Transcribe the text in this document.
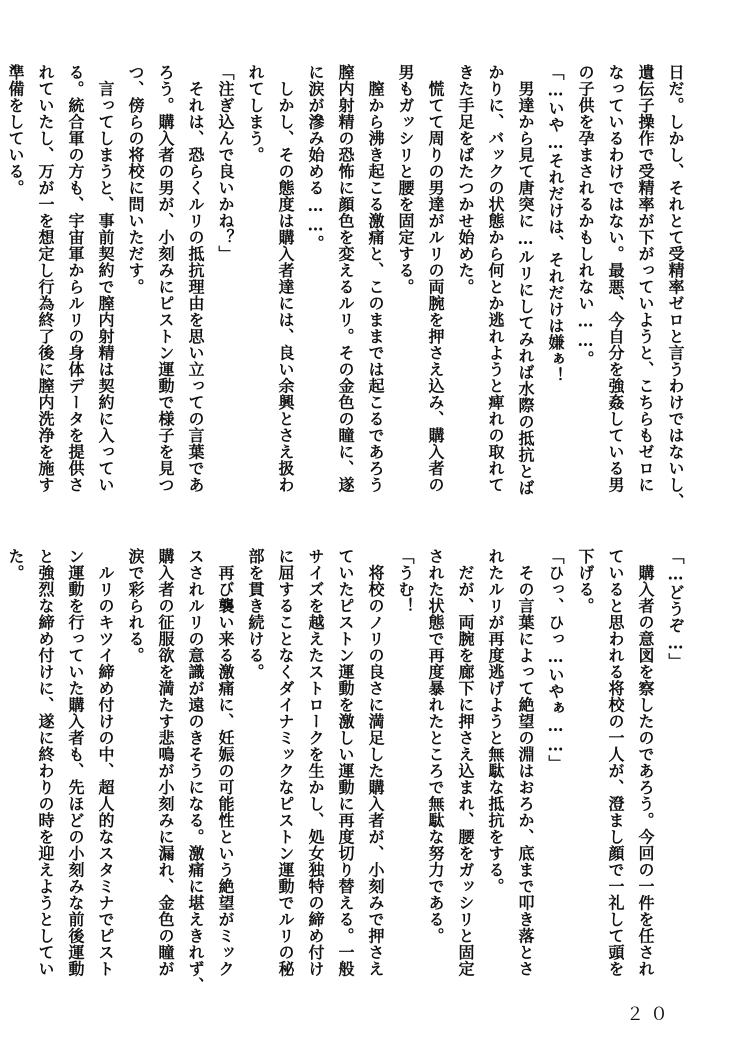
日だ。しかし、それとて受精率ゼロと言うわけではないし、
遺伝子操作で受精率が下がっていようと、こちらもゼロに
なっているわけではない。最悪、今自分を強姦している男
の子供を孕まされるかもしれない……。
「…いや…それだけは、それだけは嫌ぁ！
　男達から見て唐突に…ルリにしてみれば水際の抵抗とば
かりに、バックの状態から何とか逃れようと痺れの取れて
きた手足をばたつかせ始めた。
　慌てて周りの男達がルリの両腕を押さえ込み、購入者の
男もガッシリと腰を固定する。
　膣から沸き起こる激痛と、このままでは起こるであろう
膣内射精の恐怖に顔色を変えるルリ。その金色の瞳に、遂
に涙が滲み始める……。
　しかし、その態度は購入者達には、良い余興とさえ扱わ
れてしまう。
「注ぎ込んで良いかね？」
　それは、恐らくルリの抵抗理由を思い立っての言葉であ
ろう。購入者の男が、小刻みにピストン運動で様子を見つ
つ、傍らの将校に問いただす。
　言ってしまうと、事前契約で膣内射精は契約に入ってい
る。統合軍の方も、宇宙軍からルリの身体データを提供さ
れていたし、万が一を想定し行為終了後に膣内洗浄を施す
準備をしている。
「…どうぞ…」
　購入者の意図を察したのであろう。今回の一件を任され
ていると思われる将校の一人が、澄まし顔で一礼して頭を
下げる。
「ひっ、ひっ…いやぁ……」
　その言葉によって絶望の淵はおろか、底まで叩き落とさ
れたルリが再度逃げようと無駄な抵抗をする。
　だが、両腕を廊下に押さえ込まれ、腰をガッシリと固定
された状態で再度暴れたところで無駄な努力である。
「うむ！
　将校のノリの良さに満足した購入者が、小刻みで押さえ
ていたピストン運動を激しい運動に再度切り替える。一般
サイズを越えたストロークを生かし、処女独特の締め付け
に屈することなくダイナミックなピストン運動でルリの秘
部を貫き続ける。
　再び襲い来る激痛に、妊娠の可能性という絶望がミック
スされルリの意識が遠のきそうになる。激痛に堪えきれず、
購入者の征服欲を満たす悲鳴が小刻みに漏れ、金色の瞳が
涙で彩られる。
　ルリのキツイ締め付けの中、超人的なスタミナでピスト
ン運動を行っていた購入者も、先ほどの小刻みな前後運動
と強烈な締め付けに、遂に終わりの時を迎えようとしてい
た。
２０
